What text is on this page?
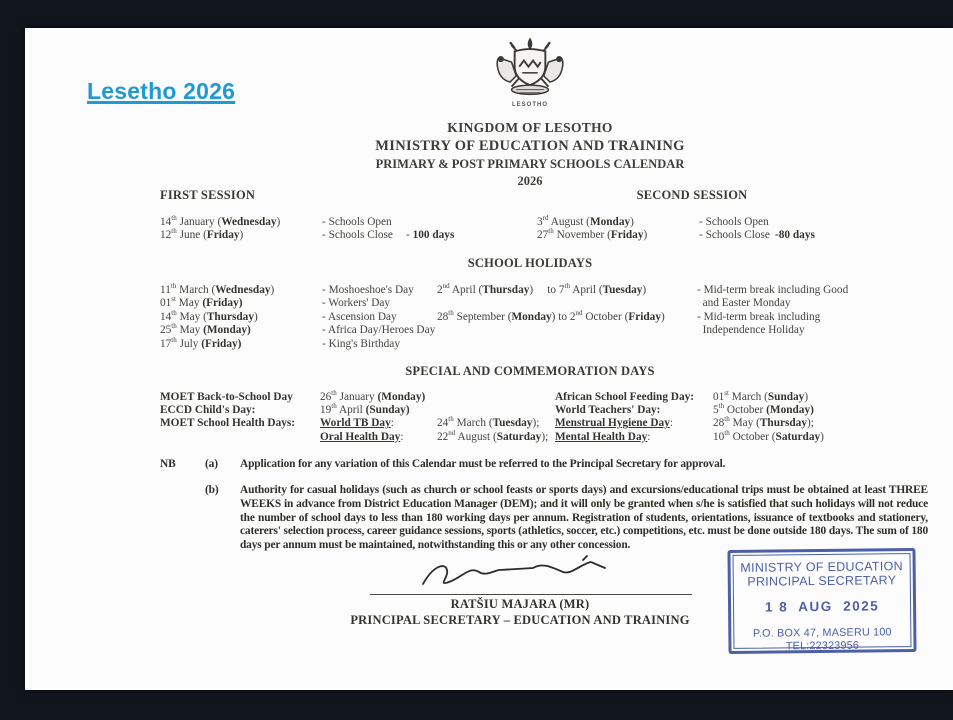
Lesetho 2026
LESOTHO
KINGDOM OF LESOTHO
MINISTRY OF EDUCATION AND TRAINING
PRIMARY & POST PRIMARY SCHOOLS CALENDAR
2026
FIRST SESSION	SECOND SESSION
14th January (Wednesday)
12th June (Friday)
- Schools Open
- Schools Close - 100 days
3rd August (Monday)
27th November (Friday)
- Schools Open
- Schools Close -80 days
SCHOOL HOLIDAYS
11th March (Wednesday)
01st May (Friday)
14th May (Thursday)
25th May (Monday)
17th July (Friday)
- Moshoeshoe's Day
- Workers' Day
- Ascension Day
- Africa Day/Heroes Day
- King's Birthday
2nd April (Thursday)     to 7th April (Tuesday)
28th September (Monday) to 2nd October (Friday)
- Mid-term break including Good
and Easter Monday
- Mid-term break including
Independence Holiday
SPECIAL AND COMMEMORATION DAYS
MOET Back-to-School Day
ECCD Child's Day:
MOET School Health Days:
26th January (Monday)
19th April (Sunday)
World TB Day:
Oral Health Day:
24th March (Tuesday);
22nd August (Saturday);
African School Feeding Day:
World Teachers' Day:
Menstrual Hygiene Day:
Mental Health Day:
01st March (Sunday)
5th October (Monday)
28th May (Thursday);
10th October (Saturday)
NB	(a) Application for any variation of this Calendar must be referred to the Principal Secretary for approval.
(b) Authority for casual holidays (such as church or school feasts or sports days) and excursions/educational trips must be obtained at least THREE WEEKS in advance from District Education Manager (DEM); and it will only be granted when s/he is satisfied that such holidays will not reduce the number of school days to less than 180 working days per annum. Registration of students, orientations, issuance of textbooks and stationery, caterers' selection process, career guidance sessions, sports (athletics, soccer, etc.) competitions, etc. must be done outside 180 days. The sum of 180 days per annum must be maintained, notwithstanding this or any other concession.
RATŠIU MAJARA (MR)
PRINCIPAL SECRETARY – EDUCATION AND TRAINING
MINISTRY OF EDUCATION
PRINCIPAL SECRETARY
1 8  AUG  2025
P.O. BOX 47, MASERU 100
TEL:22323956
